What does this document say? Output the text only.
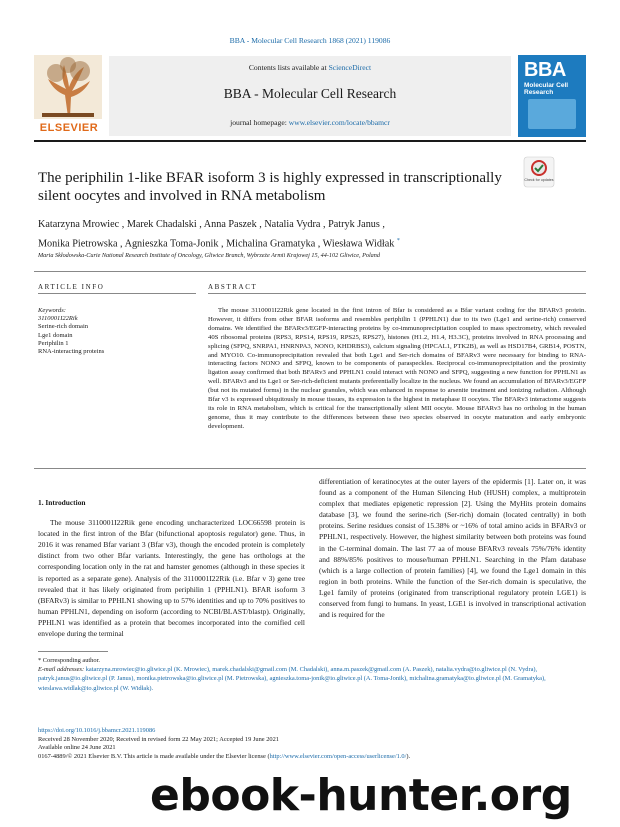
BBA - Molecular Cell Research 1868 (2021) 119086
ELSEVIER
Contents lists available at ScienceDirect
BBA - Molecular Cell Research
journal homepage: www.elsevier.com/locate/bbamcr
BBA
Molecular Cell
Research
The periphilin 1-like BFAR isoform 3 is highly expressed in transcriptionally silent oocytes and involved in RNA metabolism
Check for updates
Katarzyna Mrowiec , Marek Chadalski , Anna Paszek , Natalia Vydra , Patryk Janus ,
Monika Pietrowska , Agnieszka Toma-Jonik , Michalina Gramatyka , Wiesława Widłak *
Maria Skłodowska-Curie National Research Institute of Oncology, Gliwice Branch, Wybrzeże Armii Krajowej 15, 44-102 Gliwice, Poland
ARTICLE INFO	ABSTRACT
Keywords:
3110001I22Rik
Serine-rich domain
Lge1 domain
Periphilin 1
RNA-interacting proteins
The mouse 3110001I22Rik gene located in the first intron of Bfar is considered as a Bfar variant coding for the BFARv3 protein. However, it differs from other BFAR isoforms and resembles periphilin 1 (PPHLN1) due to its two (Lge1 and serine-rich) conserved domains. We identified the BFARv3/EGFP-interacting proteins by co-immunoprecipitation coupled to mass spectrometry, which revealed 40S ribosomal proteins (RPS3, RPS14, RPS19, RPS25, RPS27), histones (H1.2, H1.4, H3.3C), proteins involved in RNA processing and splicing (SFPQ, SNRPA1, HNRNPA3, NONO, KHDRBS3), calcium signaling (HPCAL1, PTK2B), as well as HSD17B4, GRB14, POSTN, and MYO10. Co-immunoprecipitation revealed that both Lge1 and Ser-rich domains of BFARv3 were necessary for binding to RNA-interacting factors NONO and SFPQ, known to be components of paraspeckles. Reciprocal co-immunoprecipitation and the proximity ligation assay confirmed that both BFARv3 and PPHLN1 could interact with NONO and SFPQ, suggesting a new function for PPHLN1 as well. BFARv3 and its Lge1 or Ser-rich-deficient mutants preferentially localize in the nucleus. We found an accumulation of BFARv3/EGFP (but not its mutated forms) in the nuclear granules, which was enhanced in response to arsenite treatment and ionizing radiation. Although Bfar v3 is expressed ubiquitously in mouse tissues, its expression is the highest in metaphase II oocytes. The BFARv3 interactome suggests its role in RNA metabolism, which is critical for the transcriptionally silent MII oocyte. Mouse BFARv3 has no ortholog in the human genome, thus it may contribute to the differences between these two species observed in oocyte maturation and early embryonic development.
1. Introduction

The mouse 3110001I22Rik gene encoding uncharacterized LOC66598 protein is located in the first intron of the Bfar (bifunctional apoptosis regulator) gene. Thus, in 2016 it was renamed Bfar variant 3 (Bfar v3), though the encoded protein is completely distinct from two other Bfar variants. Interestingly, the gene has orthologs at the corresponding location only in the rat and hamster genomes (although in these species it is reported as a separate gene). Analysis of the 3110001I22Rik (i.e. Bfar v 3) gene tree revealed that it has likely originated from periphilin 1 (PPHLN1). BFAR isoform 3 (BFARv3) is similar to PPHLN1 showing up to 57% identities and up to 70% positives to human PPHLN1, depending on isoform (according to NCBI/BLAST/blastp). Originally, PPHLN1 was identified as a protein that becomes incorporated into the cornified cell envelope during the terminal

differentiation of keratinocytes at the outer layers of the epidermis [1]. Later on, it was found as a component of the Human Silencing Hub (HUSH) complex, a multiprotein complex that mediates epigenetic repression [2]. Using the MyHits protein domains database [3], we found the serine-rich (Ser-rich) domain (located centrally) in both proteins. Serine residues consist of 15.38% or ~16% of total amino acids in BFARv3 or PPHLN1, respectively. However, the highest similarity between both proteins was found in the C-terminal domain. The last 77 aa of mouse BFARv3 reveals 75%/76% identity and 88%/85% positives to mouse/human PPHLN1. Searching in the Pfam database (which is a large collection of protein families) [4], we found the Lge1 domain in this region in both proteins. While the function of the Ser-rich domain is speculative, the Lge1 family of proteins (originated from transcriptional regulatory protein LGE1) is conserved from fungi to humans. In yeast, LGE1 is involved in transcriptional activation and is required for the

* Corresponding author.
E-mail addresses: katarzyna.mrowiec@io.gliwice.pl (K. Mrowiec), marek.chadalski@gmail.com (M. Chadalski), anna.m.paszek@gmail.com (A. Paszek), natalia.vydra@io.gliwice.pl (N. Vydra), patryk.janus@io.gliwice.pl (P. Janus), monika.pietrowska@io.gliwice.pl (M. Pietrowska), agnieszka.toma-jonik@io.gliwice.pl (A. Toma-Jonik), michalina.gramatyka@io.gliwice.pl (M. Gramatyka), wieslawa.widlak@io.gliwice.pl (W. Widłak).
https://doi.org/10.1016/j.bbamcr.2021.119086
Received 28 November 2020; Received in revised form 22 May 2021; Accepted 19 June 2021
Available online 24 June 2021
0167-4889/© 2021 Elsevier B.V. This article is made available under the Elsevier license (http://www.elsevier.com/open-access/userlicense/1.0/).
ebook-hunter.org
